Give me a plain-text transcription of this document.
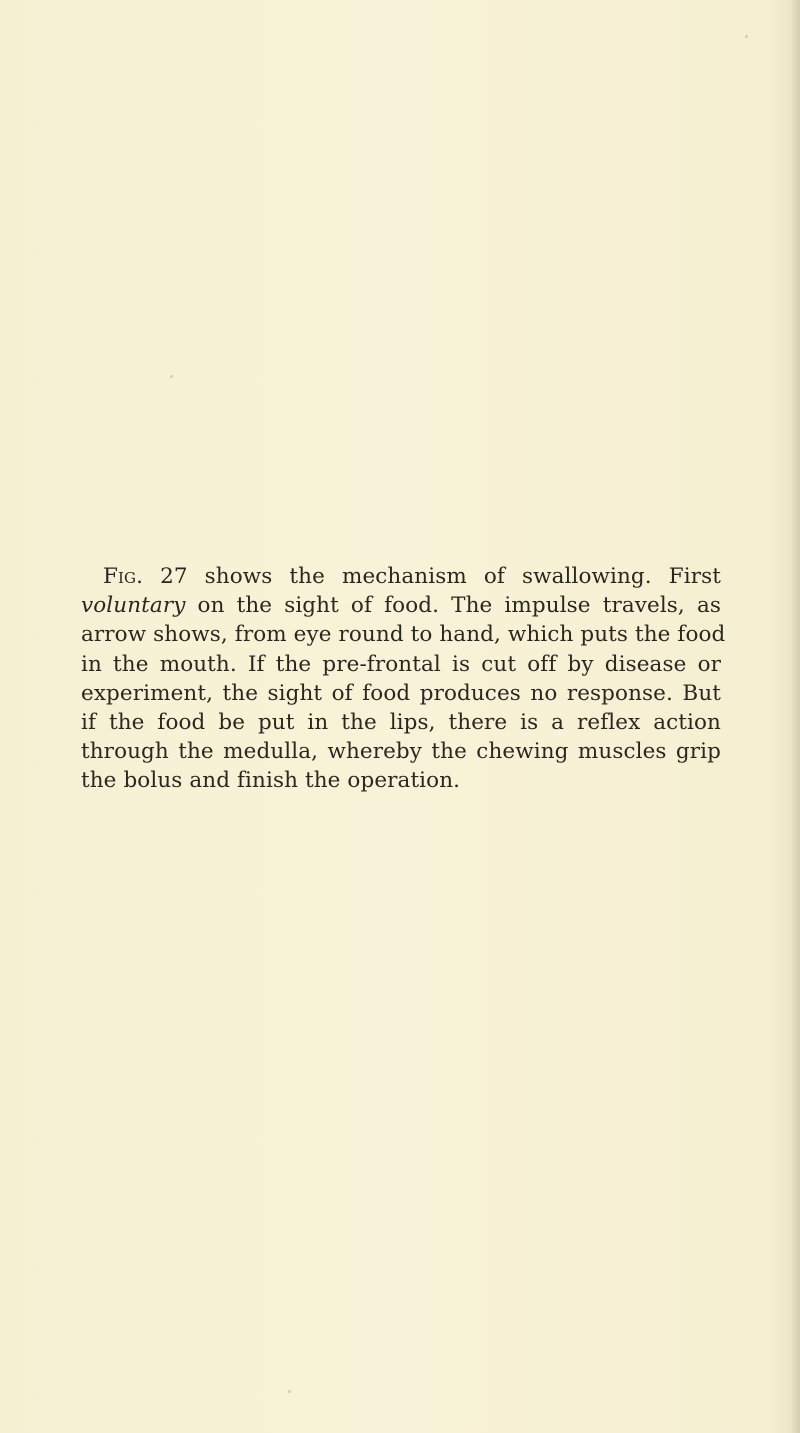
Fig. 27 shows the mechanism of swallowing. First
voluntary on the sight of food. The impulse travels, as
arrow shows, from eye round to hand, which puts the food
in the mouth. If the pre-frontal is cut off by disease or
experiment, the sight of food produces no response. But
if the food be put in the lips, there is a reflex action
through the medulla, whereby the chewing muscles grip
the bolus and finish the operation.
